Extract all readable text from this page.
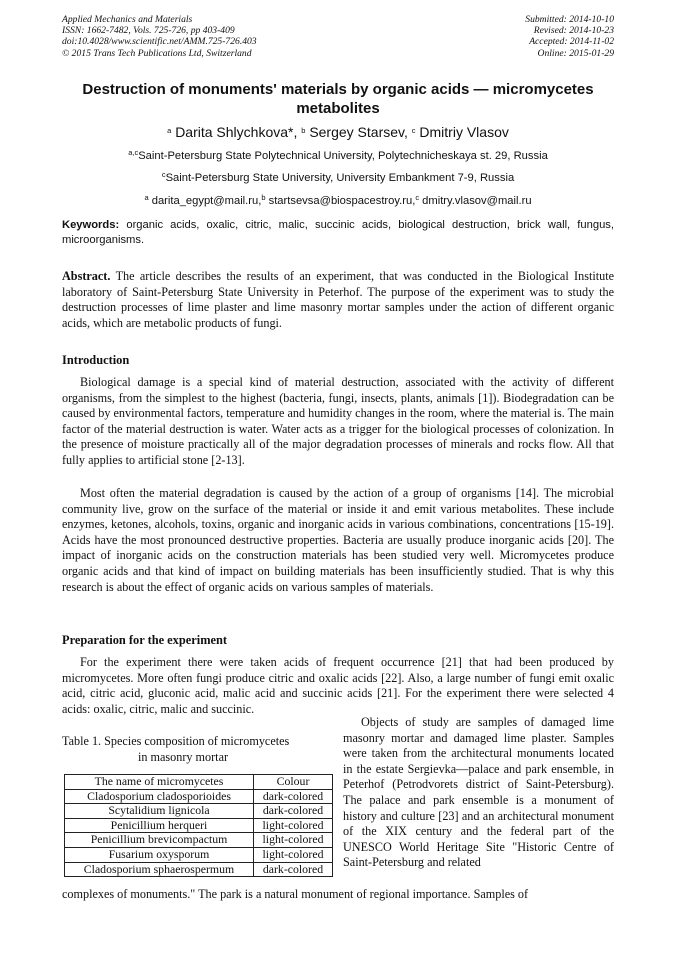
Applied Mechanics and Materials
ISSN: 1662-7482, Vols. 725-726, pp 403-409
doi:10.4028/www.scientific.net/AMM.725-726.403
© 2015 Trans Tech Publications Ltd, Switzerland
Submitted: 2014-10-10
Revised: 2014-10-23
Accepted: 2014-11-02
Online: 2015-01-29
Destruction of monuments' materials by organic acids — micromycetes metabolites
$^a$ Darita Shlychkova*, $^b$ Sergey Starsev, $^c$ Dmitriy Vlasov
$^{a,c}$Saint-Petersburg State Polytechnical University, Polytechnicheskaya st. 29, Russia
$^c$Saint-Petersburg State University, University Embankment 7-9, Russia
$^a$ darita_egypt@mail.ru,$^b$ startsevsa@biospacestroy.ru,$^c$ dmitry.vlasov@mail.ru
Keywords: organic acids, oxalic, citric, malic, succinic acids, biological destruction, brick wall, fungus, microorganisms.
Abstract. The article describes the results of an experiment, that was conducted in the Biological Institute laboratory of Saint-Petersburg State University in Peterhof. The purpose of the experiment was to study the destruction processes of lime plaster and lime masonry mortar samples under the action of different organic acids, which are metabolic products of fungi.
Introduction
Biological damage is a special kind of material destruction, associated with the activity of different organisms, from the simplest to the highest (bacteria, fungi, insects, plants, animals [1]). Biodegradation can be caused by environmental factors, temperature and humidity changes in the room, where the material is. The main factor of the material destruction is water. Water acts as a trigger for the biological processes of colonization. In the presence of moisture practically all of the major degradation processes of minerals and rocks flow. All that fully applies to artificial stone [2-13].
Most often the material degradation is caused by the action of a group of organisms [14]. The microbial community live, grow on the surface of the material or inside it and emit various metabolites. These include enzymes, ketones, alcohols, toxins, organic and inorganic acids in various combinations, concentrations [15-19]. Acids have the most pronounced destructive properties. Bacteria are usually produce inorganic acids [20]. The impact of inorganic acids on the construction materials has been studied very well. Micromycetes produce organic acids and that kind of impact on building materials has been insufficiently studied. That is why this research is about the effect of organic acids on various samples of materials.
Preparation for the experiment
For the experiment there were taken acids of frequent occurrence [21] that had been produced by micromycetes. More often fungi produce citric and oxalic acids [22]. Also, a large number of fungi emit oxalic acid, citric acid, gluconic acid, malic acid and succinic acids [21]. For the experiment there were selected 4 acids: oxalic, citric, malic and succinic.
Table 1. Species composition of micromycetes
in masonry mortar
The name of micromycetes	Colour
Cladosporium cladosporioides	dark-colored
Scytalidium lignicola	dark-colored
Penicillium herqueri	light-colored
Penicillium brevicompactum	light-colored
Fusarium oxysporum	light-colored
Cladosporium sphaerospermum	dark-colored
Objects of study are samples of damaged lime masonry mortar and damaged lime plaster. Samples were taken from the architectural monuments located in the estate Sergievka—palace and park ensemble, in Peterhof (Petrodvorets district of Saint-Petersburg). The palace and park ensemble is a monument of history and culture [23] and an architectural monument of the XIX century and the federal part of the UNESCO World Heritage Site "Historic Centre of Saint-Petersburg and related
complexes of monuments." The park is a natural monument of regional importance. Samples of
